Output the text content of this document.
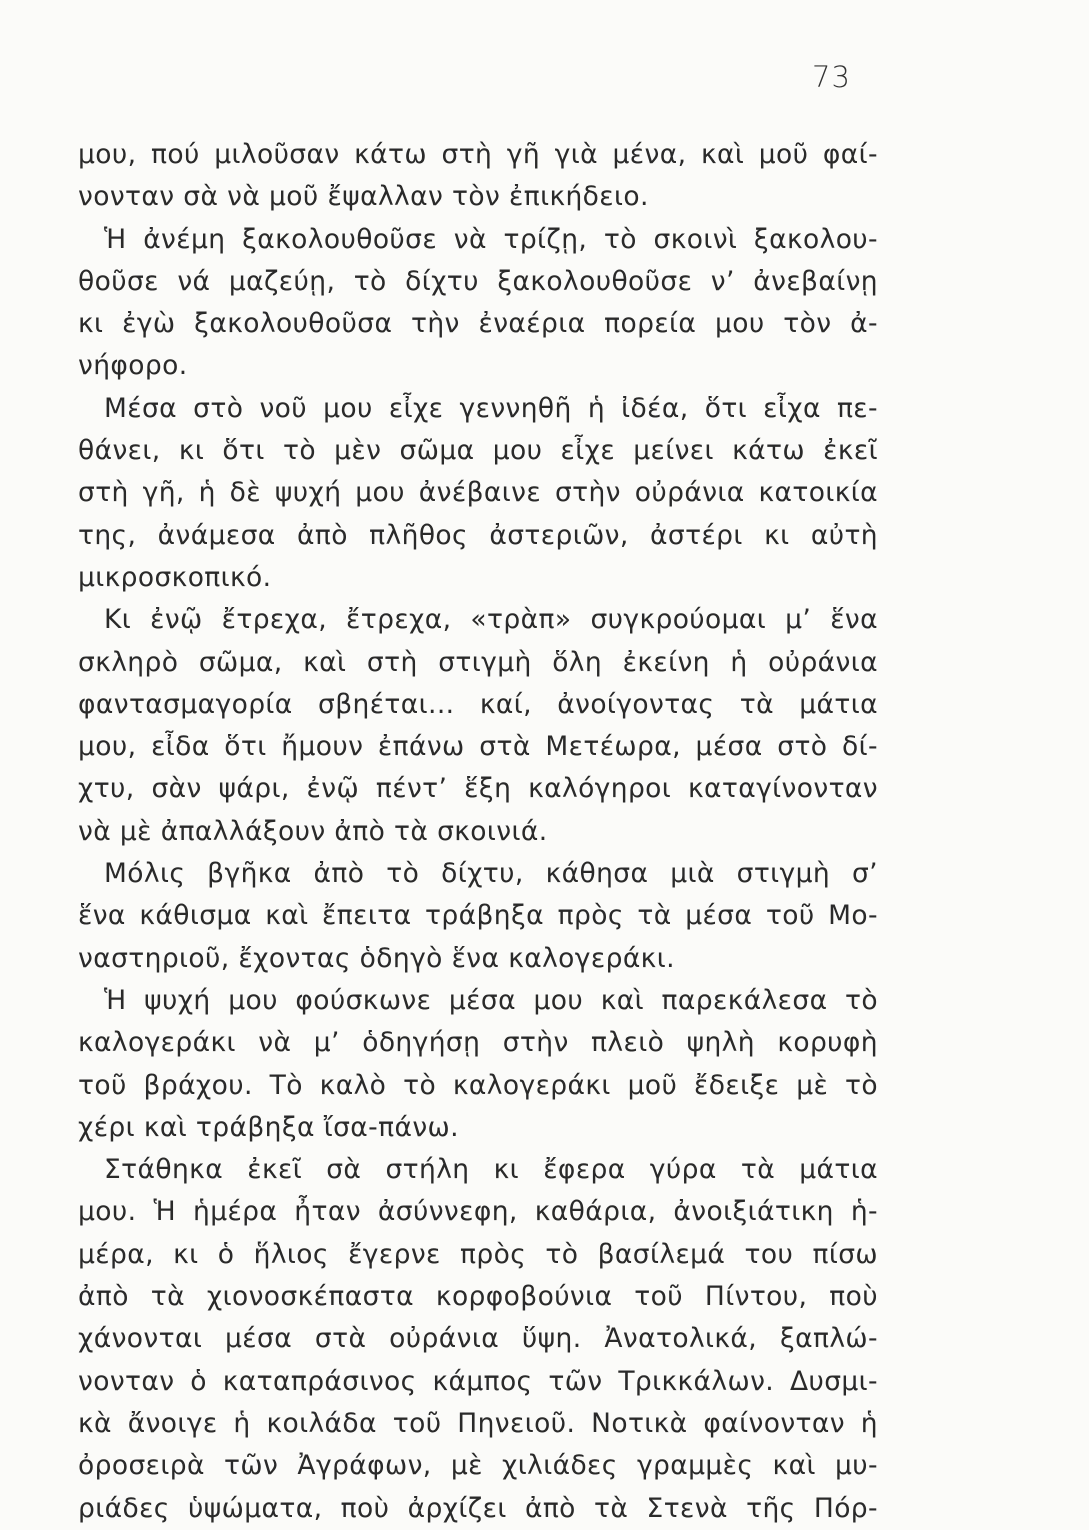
73
μου, πού μιλοῦσαν κάτω στὴ γῆ γιὰ μένα, καὶ μοῦ φαί-
νονταν σὰ νὰ μοῦ ἔψαλλαν τὸν ἐπικήδειο.
Ἡ ἀνέμη ξακολουθοῦσε νὰ τρίζῃ, τὸ σκοινὶ ξακολου-
θοῦσε νά μαζεύῃ, τὸ δίχτυ ξακολουθοῦσε ν’ ἀνεβαίνῃ
κι ἐγὼ ξακολουθοῦσα τὴν ἐναέρια πορεία μου τὸν ἀ-
νήφορο.
Μέσα στὸ νοῦ μου εἶχε γεννηθῆ ἡ ἰδέα, ὅτι εἶχα πε-
θάνει, κι ὅτι τὸ μὲν σῶμα μου εἶχε μείνει κάτω ἐκεῖ
στὴ γῆ, ἡ δὲ ψυχή μου ἀνέβαινε στὴν οὐράνια κατοικία
της, ἀνάμεσα ἀπὸ πλῆθος ἀστεριῶν, ἀστέρι κι αὐτὴ
μικροσκοπικό.
Κι ἐνῷ ἔτρεχα, ἔτρεχα, «τρὰπ» συγκρούομαι μ’ ἕνα
σκληρὸ σῶμα, καὶ στὴ στιγμὴ ὅλη ἐκείνη ἡ οὐράνια
φαντασμαγορία σβηέται... καί, ἀνοίγοντας τὰ μάτια
μου, εἶδα ὅτι ἤμουν ἐπάνω στὰ Μετέωρα, μέσα στὸ δί-
χτυ, σὰν ψάρι, ἐνῷ πέντ’ ἕξη καλόγηροι καταγίνονταν
νὰ μὲ ἀπαλλάξουν ἀπὸ τὰ σκοινιά.
Μόλις βγῆκα ἀπὸ τὸ δίχτυ, κάθησα μιὰ στιγμὴ σ’
ἕνα κάθισμα καὶ ἔπειτα τράβηξα πρὸς τὰ μέσα τοῦ Μο-
ναστηριοῦ, ἔχοντας ὁδηγὸ ἕνα καλογεράκι.
Ἡ ψυχή μου φούσκωνε μέσα μου καὶ παρεκάλεσα τὸ
καλογεράκι νὰ μ’ ὁδηγήσῃ στὴν πλειὸ ψηλὴ κορυφὴ
τοῦ βράχου. Τὸ καλὸ τὸ καλογεράκι μοῦ ἔδειξε μὲ τὸ
χέρι καὶ τράβηξα ἴσα-πάνω.
Στάθηκα ἐκεῖ σὰ στήλη κι ἔφερα γύρα τὰ μάτια
μου. Ἡ ἡμέρα ἦταν ἀσύννεφη, καθάρια, ἀνοιξιάτικη ἡ-
μέρα, κι ὁ ἥλιος ἔγερνε πρὸς τὸ βασίλεμά του πίσω
ἀπὸ τὰ χιονοσκέπαστα κορφοβούνια τοῦ Πίντου, ποὺ
χάνονται μέσα στὰ οὐράνια ὕψη. Ἀνατολικά, ξαπλώ-
νονταν ὁ καταπράσινος κάμπος τῶν Τρικκάλων. Δυσμι-
κὰ ἄνοιγε ἡ κοιλάδα τοῦ Πηνειοῦ. Νοτικὰ φαίνονταν ἡ
ὀροσειρὰ τῶν Ἀγράφων, μὲ χιλιάδες γραμμὲς καὶ μυ-
ριάδες ὑψώματα, ποὺ ἀρχίζει ἀπὸ τὰ Στενὰ τῆς Πόρ-
